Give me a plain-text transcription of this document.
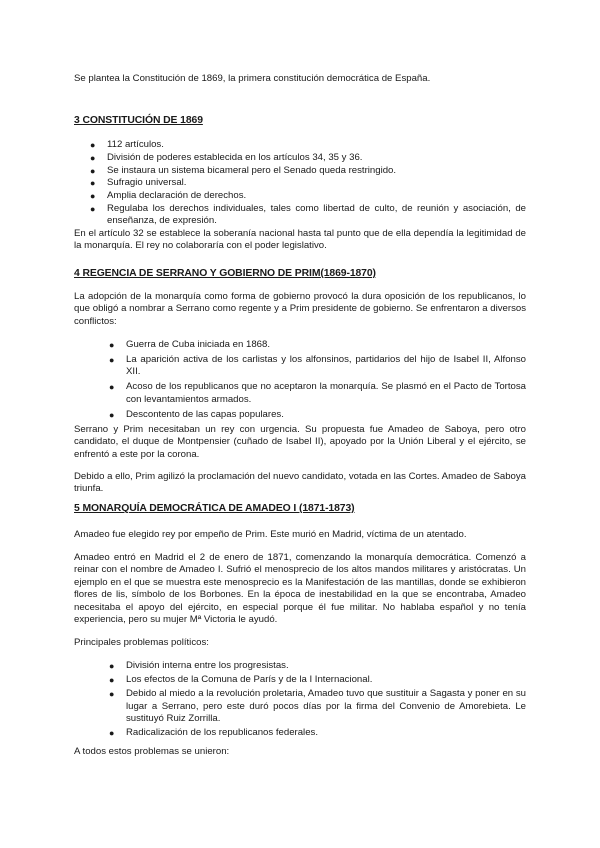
Se plantea la Constitución de 1869, la primera constitución democrática de España.

3 CONSTITUCIÓN DE 1869

● 112 artículos.
● División de poderes establecida en los artículos 34, 35 y 36.
● Se instaura un sistema bicameral pero el Senado queda restringido.
● Sufragio universal.
● Amplia declaración de derechos.
● Regulaba los derechos individuales, tales como libertad de culto, de reunión y asociación, de enseñanza, de expresión.

En el artículo 32 se establece la soberanía nacional hasta tal punto que de ella dependía la legitimidad de la monarquía. El rey no colaboraría con el poder legislativo.

4 REGENCIA DE SERRANO Y GOBIERNO DE PRIM(1869-1870)

La adopción de la monarquía como forma de gobierno provocó la dura oposición de los republicanos, lo que obligó a nombrar a Serrano como regente y a Prim presidente de gobierno. Se enfrentaron a diversos conflictos:

● Guerra de Cuba iniciada en 1868.
● La aparición activa de los carlistas y los alfonsinos, partidarios del hijo de Isabel II, Alfonso XII.
● Acoso de los republicanos que no aceptaron la monarquía. Se plasmó en el Pacto de Tortosa con levantamientos armados.
● Descontento de las capas populares.

Serrano y Prim necesitaban un rey con urgencia. Su propuesta fue Amadeo de Saboya, pero otro candidato, el duque de Montpensier (cuñado de Isabel II), apoyado por la Unión Liberal y el ejército, se enfrentó a este por la corona.

Debido a ello, Prim agilizó la proclamación del nuevo candidato, votada en las Cortes. Amadeo de Saboya triunfa.

5 MONARQUÍA DEMOCRÁTICA DE AMADEO I (1871-1873)

Amadeo fue elegido rey por empeño de Prim. Este murió en Madrid, víctima de un atentado.

Amadeo entró en Madrid el 2 de enero de 1871, comenzando la monarquía democrática. Comenzó a reinar con el nombre de Amadeo I. Sufrió el menosprecio de los altos mandos militares y aristócratas. Un ejemplo en el que se muestra este menosprecio es la Manifestación de las mantillas, donde se exhibieron flores de lis, símbolo de los Borbones. En la época de inestabilidad en la que se encontraba, Amadeo necesitaba el apoyo del ejército, en especial porque él fue militar. No hablaba español y no tenía experiencia, pero su mujer Mª Victoria le ayudó.

Principales problemas políticos:

● División interna entre los progresistas.
● Los efectos de la Comuna de París y de la I Internacional.
● Debido al miedo a la revolución proletaria, Amadeo tuvo que sustituir a Sagasta y poner en su lugar a Serrano, pero este duró pocos días por la firma del Convenio de Amorebieta. Le sustituyó Ruiz Zorrilla.
● Radicalización de los republicanos federales.

A todos estos problemas se unieron:
